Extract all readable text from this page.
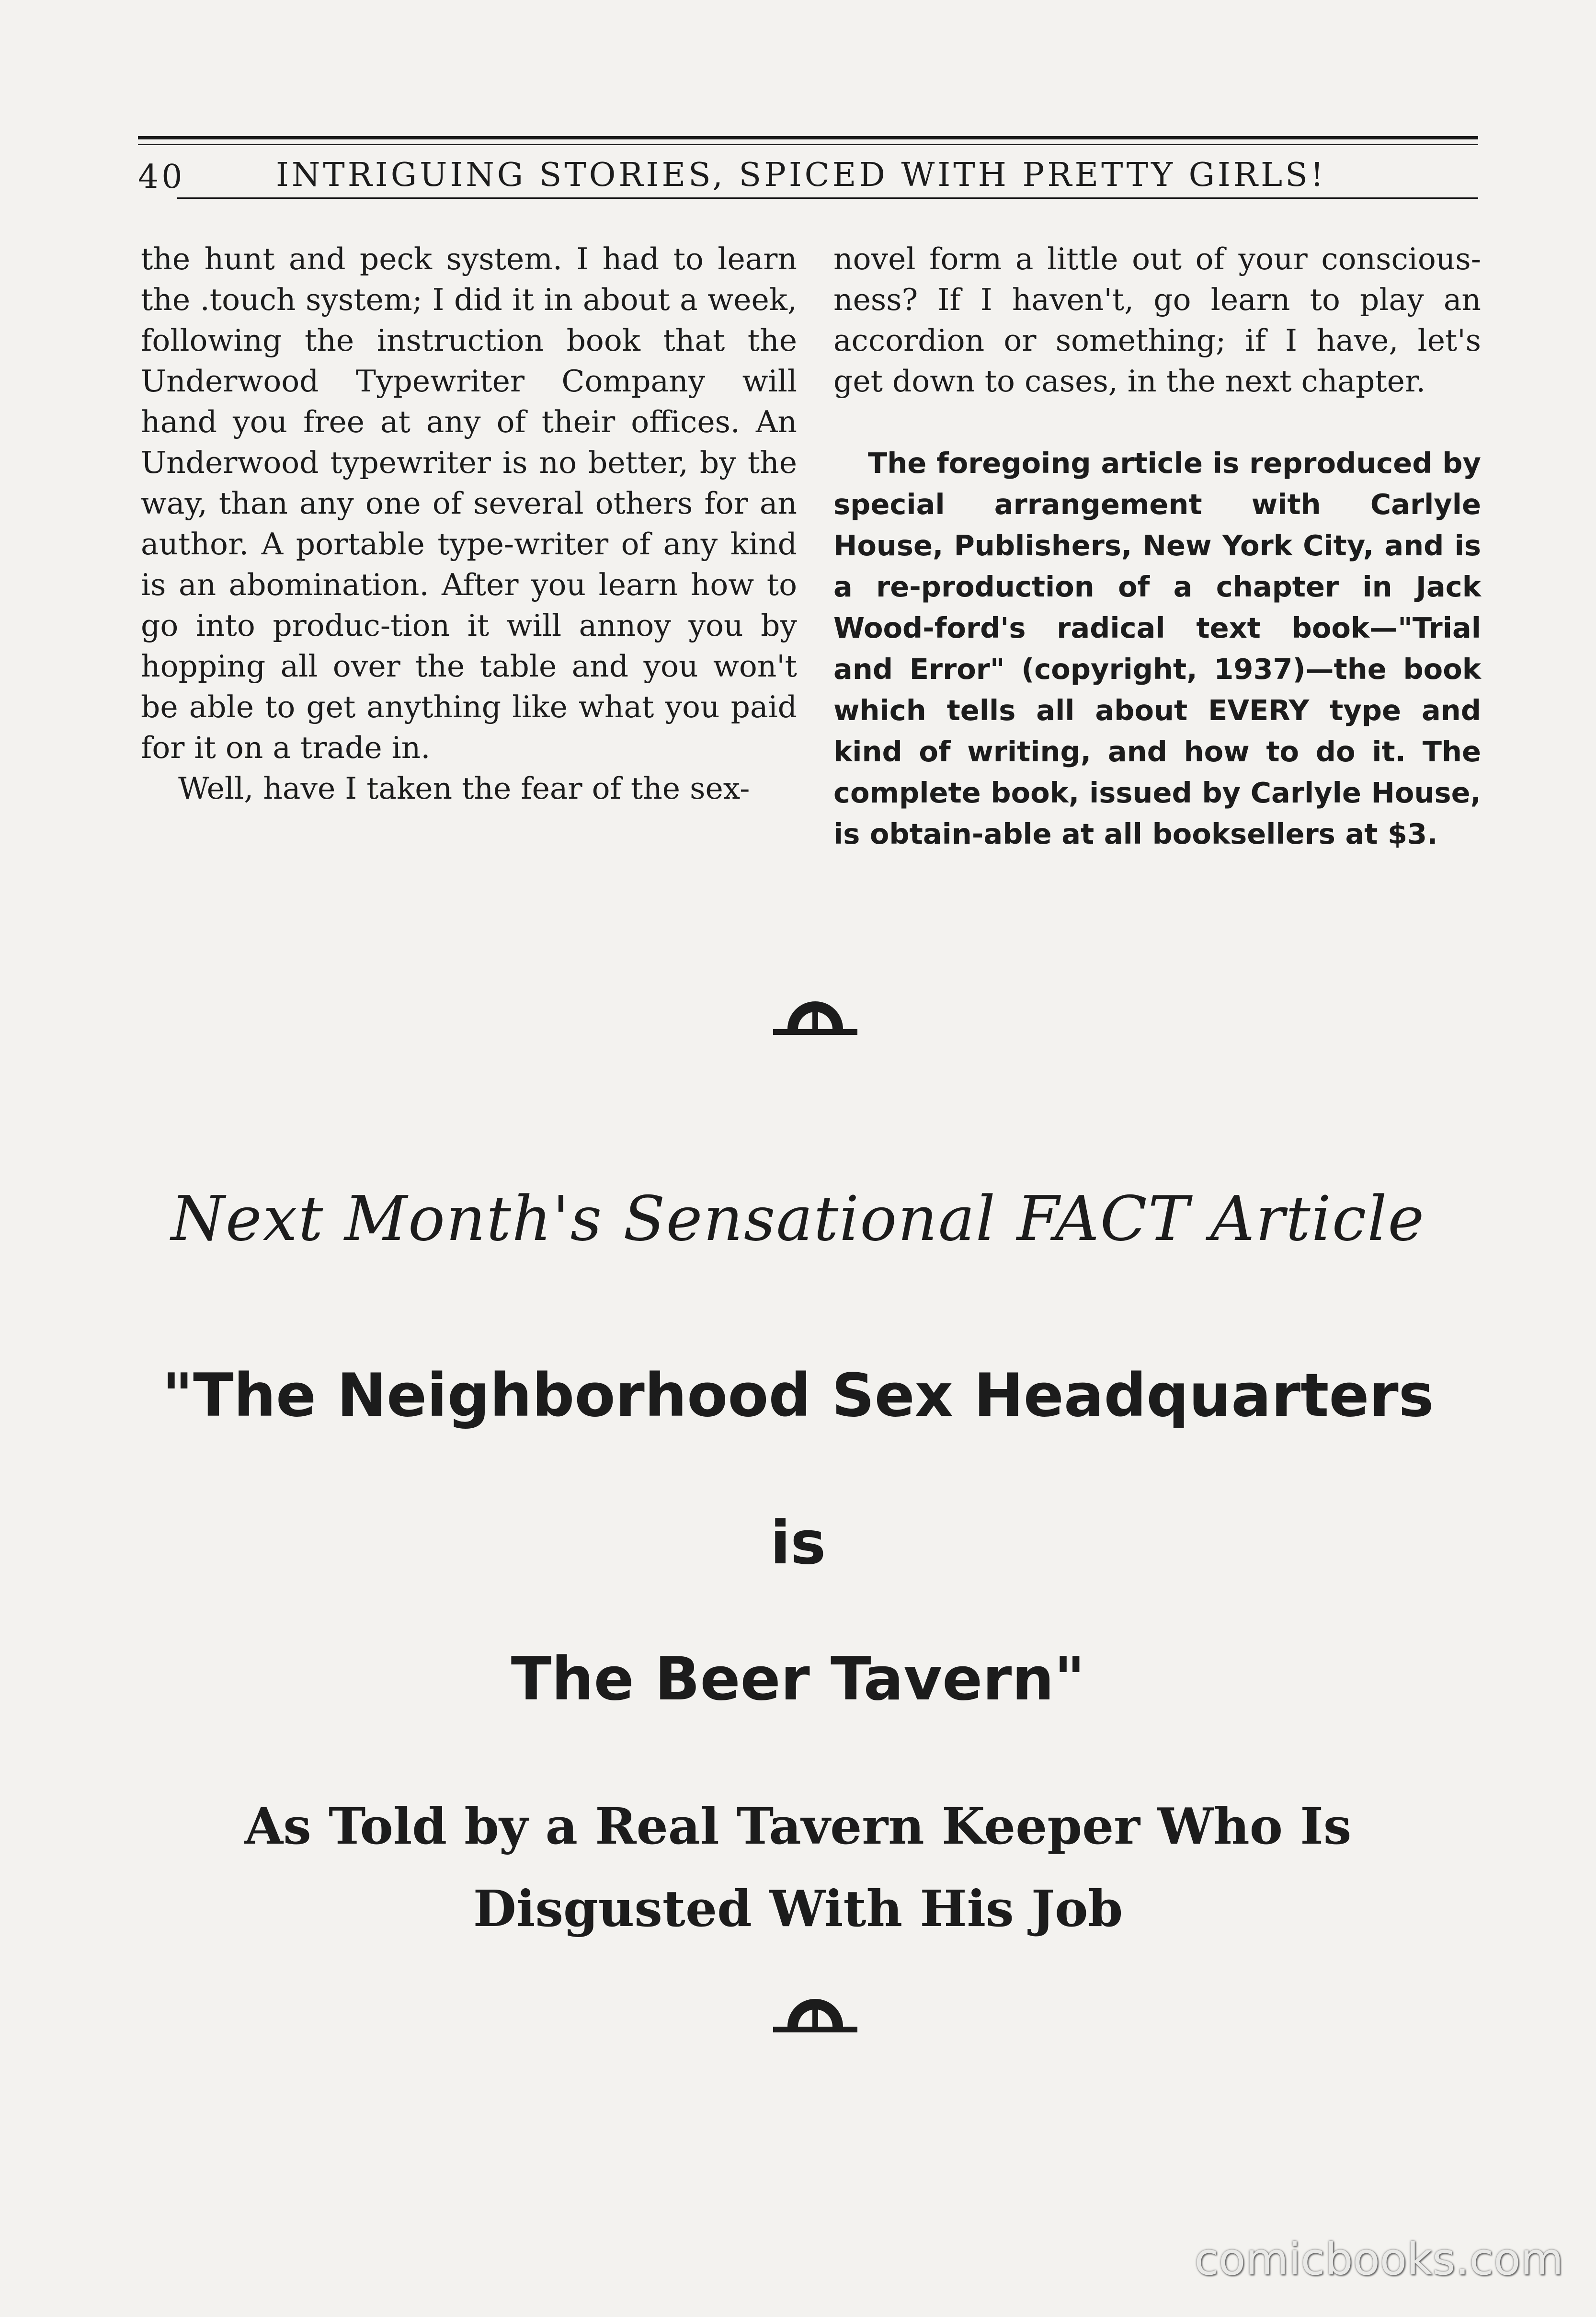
40	INTRIGUING STORIES, SPICED WITH PRETTY GIRLS!

the hunt and peck system. I had to learn the .touch system; I did it in about a week, following the instruction book that the Underwood Typewriter Company will hand you free at any of their offices. An Underwood typewriter is no better, by the way, than any one of several others for an author. A portable type-writer of any kind is an abomination. After you learn how to go into produc-tion it will annoy you by hopping all over the table and you won't be able to get anything like what you paid for it on a trade in.

Well, have I taken the fear of the sex-

novel form a little out of your conscious-ness? If I haven't, go learn to play an accordion or something; if I have, let's get down to cases, in the next chapter.

The foregoing article is reproduced by special arrangement with Carlyle House, Publishers, New York City, and is a re-production of a chapter in Jack Wood-ford's radical text book—"Trial and Error" (copyright, 1937)—the book which tells all about EVERY type and kind of writing, and how to do it. The complete book, issued by Carlyle House, is obtain-able at all booksellers at $3.

Next Month's Sensational FACT Article
"The Neighborhood Sex Headquarters
is
The Beer Tavern"
As Told by a Real Tavern Keeper Who Is
Disgusted With His Job
comicbooks.com
